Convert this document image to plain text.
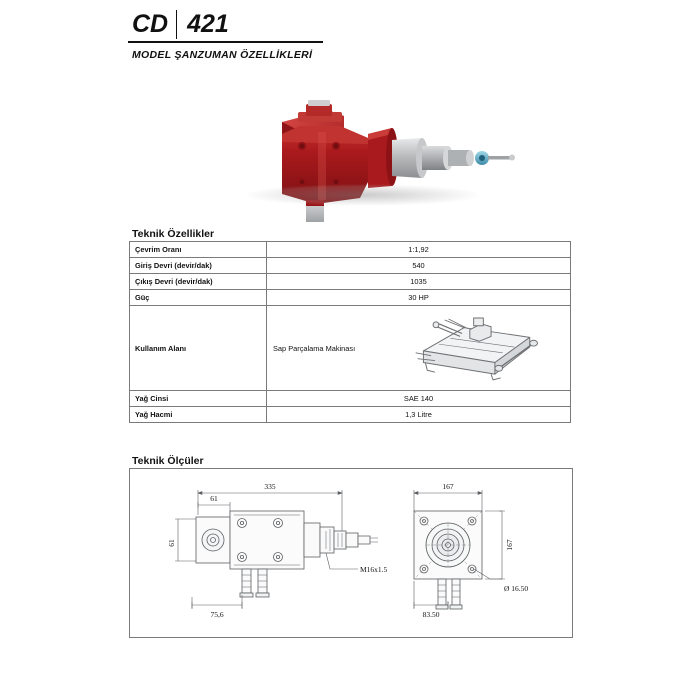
CD 421
MODEL ŞANZUMAN ÖZELLİKLERİ
Teknik Özellikler
Çevrim Oranı	1:1,92
Giriş Devri (devir/dak)	540
Çıkış Devri (devir/dak)	1035
Güç	30 HP
Kullanım Alanı	Sap Parçalama Makinası

Yağ Cinsi	SAE 140
Yağ Hacmi	1,3 Litre
Teknik Ölçüler
335
61
61
75,6
M16x1.5
167
167
83.50
Ø 16.50
